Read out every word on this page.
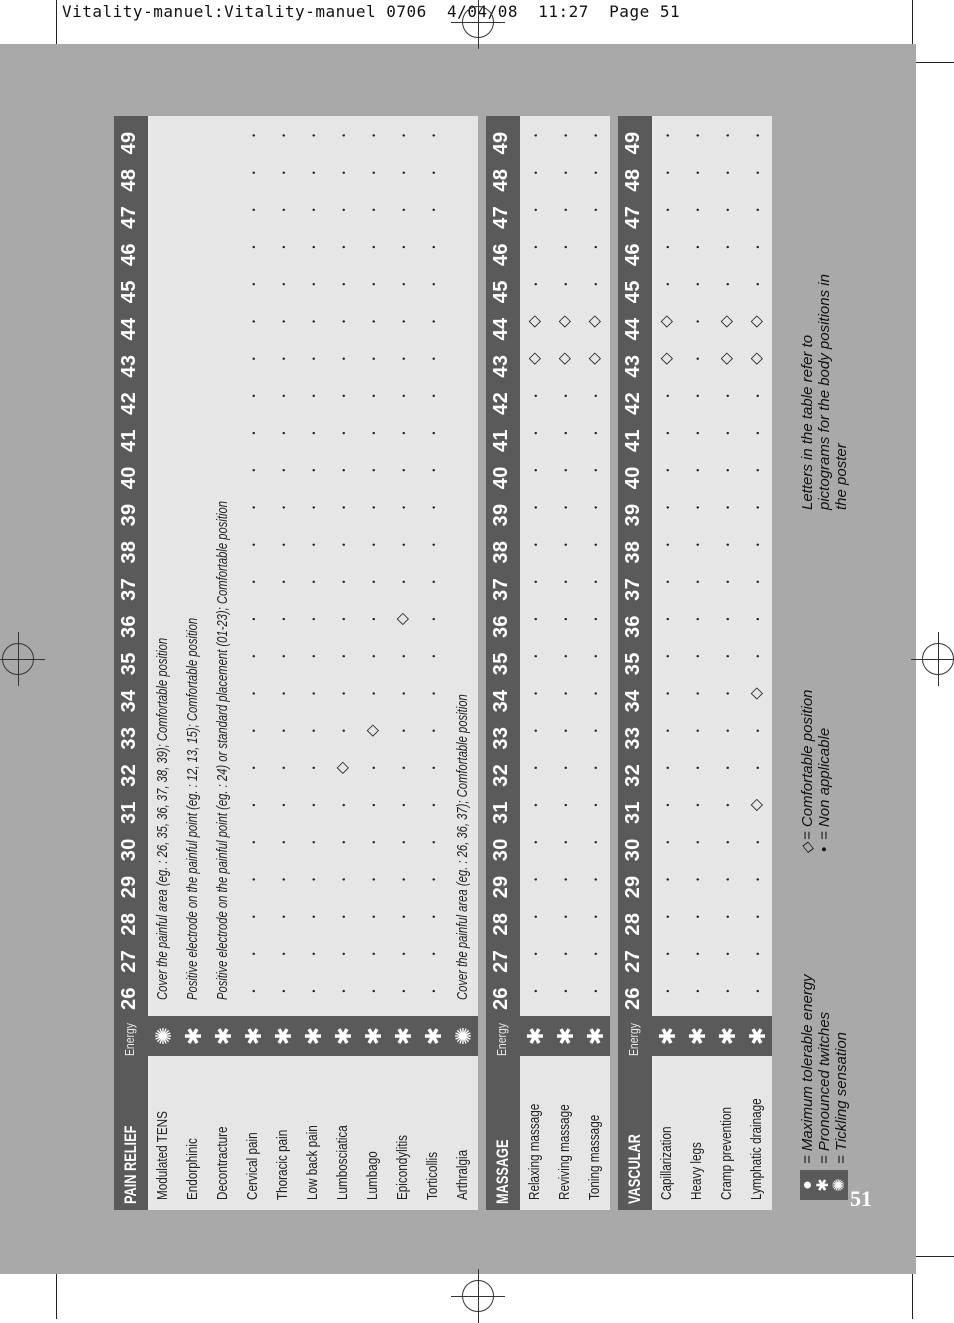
Vitality-manuel:Vitality-manuel 0706  4/04/08  11:27  Page 51
PAIN RELIEF
Energy
26
27
28
29
30
31
32
33
34
35
36
37
38
39
40
41
42
43
44
45
46
47
48
49
Modulated TENS
✺
Cover the painful area (eg. : 26, 35, 36, 37, 38, 39); Comfortable position
Endorphinic
✱
Positive electrode on the painful point (eg. : 12, 13, 15); Comfortable position
Decontracture
✱
Positive electrode on the painful point (eg. : 24) or standard placement (01-23); Comfortable position
Cervical pain
✱
•
•
•
•
•
•
•
•
•
•
•
•
•
•
•
•
•
•
•
•
•
•
•
•
Thoracic pain
✱
•
•
•
•
•
•
•
•
•
•
•
•
•
•
•
•
•
•
•
•
•
•
•
•
Low back pain
✱
•
•
•
•
•
•
•
•
•
•
•
•
•
•
•
•
•
•
•
•
•
•
•
•
Lumbosciatica
✱
•
•
•
•
•
•
◇
•
•
•
•
•
•
•
•
•
•
•
•
•
•
•
•
•
Lumbago
✱
•
•
•
•
•
•
•
◇
•
•
•
•
•
•
•
•
•
•
•
•
•
•
•
•
Epicondylitis
✱
•
•
•
•
•
•
•
•
•
•
◇
•
•
•
•
•
•
•
•
•
•
•
•
•
Torticollis
✱
•
•
•
•
•
•
•
•
•
•
•
•
•
•
•
•
•
•
•
•
•
•
•
•
Arthralgia
✺
Cover the painful area (eg. : 26, 36, 37); Comfortable position
MASSAGE
Energy
26
27
28
29
30
31
32
33
34
35
36
37
38
39
40
41
42
43
44
45
46
47
48
49
Relaxing massage
✱
•
•
•
•
•
•
•
•
•
•
•
•
•
•
•
•
•
◇
◇
•
•
•
•
•
Reviving massage
✱
•
•
•
•
•
•
•
•
•
•
•
•
•
•
•
•
•
◇
◇
•
•
•
•
•
Toning massage
✱
•
•
•
•
•
•
•
•
•
•
•
•
•
•
•
•
•
◇
◇
•
•
•
•
•
VASCULAR
Energy
26
27
28
29
30
31
32
33
34
35
36
37
38
39
40
41
42
43
44
45
46
47
48
49
Capillarization
✱
•
•
•
•
•
•
•
•
•
•
•
•
•
•
•
•
•
◇
◇
•
•
•
•
•
Heavy legs
✱
•
•
•
•
•
•
•
•
•
•
•
•
•
•
•
•
•
•
•
•
•
•
•
•
Cramp prevention
✱
•
•
•
•
•
•
•
•
•
•
•
•
•
•
•
•
•
◇
◇
•
•
•
•
•
Lymphatic drainage
✱
•
•
•
•
•
◇
•
•
◇
•
•
•
•
•
•
•
•
◇
◇
•
•
•
•
•
●
✱
✺
= Maximum tolerable energy = Pronounced twitches = Tickling sensation
= Comfortable position = Non applicable
Letters in the table refer to pictograms for the body positions in the poster
◇ •
51
